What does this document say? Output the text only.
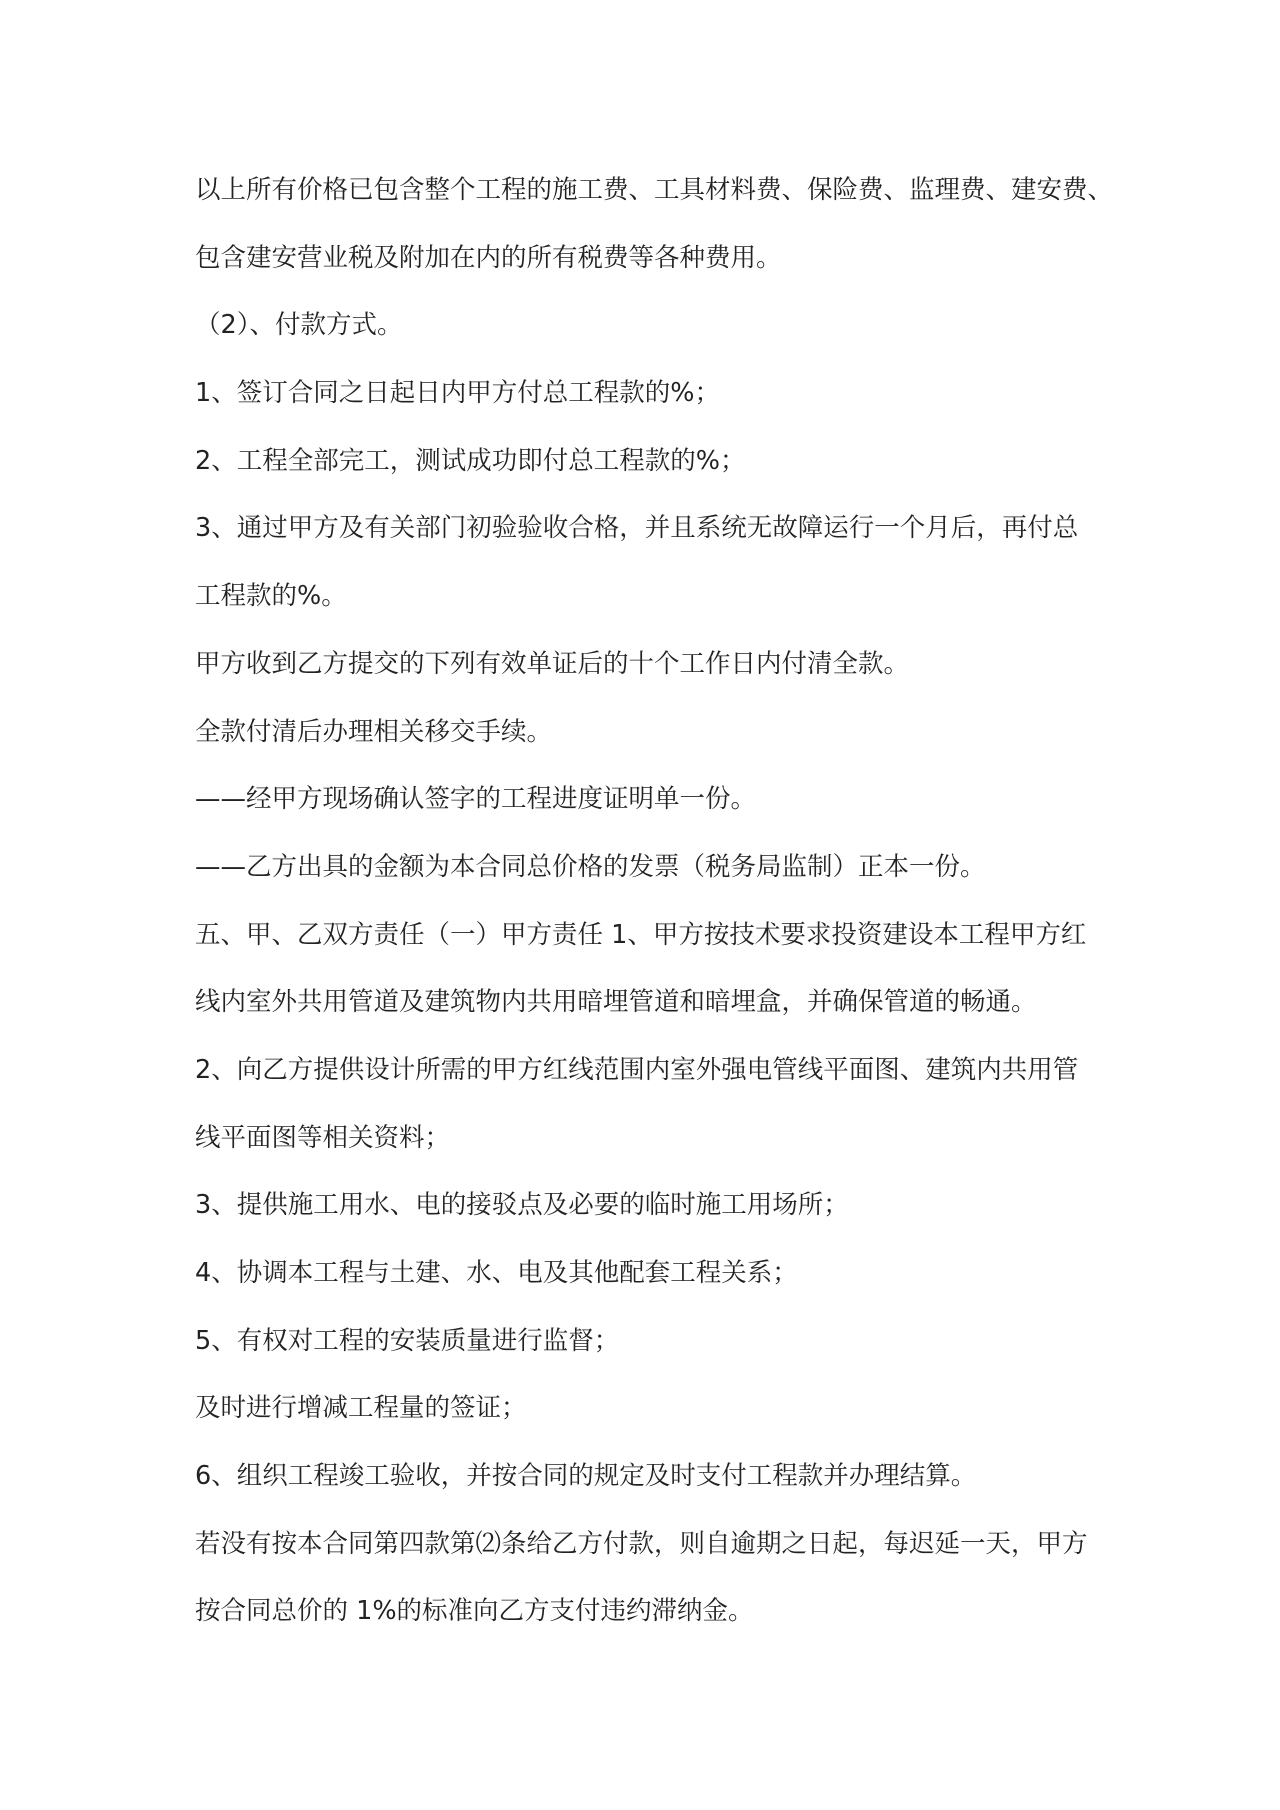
以上所有价格已包含整个工程的施工费、工具材料费、保险费、监理费、建安费、
包含建安营业税及附加在内的所有税费等各种费用。
（2）、付款方式。
1、签订合同之日起日内甲方付总工程款的%；
2、工程全部完工，测试成功即付总工程款的%；
3、通过甲方及有关部门初验验收合格，并且系统无故障运行一个月后，再付总
工程款的%。
甲方收到乙方提交的下列有效单证后的十个工作日内付清全款。
全款付清后办理相关移交手续。
——经甲方现场确认签字的工程进度证明单一份。
——乙方出具的金额为本合同总价格的发票（税务局监制）正本一份。
五、甲、乙双方责任（一）甲方责任 1、甲方按技术要求投资建设本工程甲方红
线内室外共用管道及建筑物内共用暗埋管道和暗埋盒，并确保管道的畅通。
2、向乙方提供设计所需的甲方红线范围内室外强电管线平面图、建筑内共用管
线平面图等相关资料；
3、提供施工用水、电的接驳点及必要的临时施工用场所；
4、协调本工程与土建、水、电及其他配套工程关系；
5、有权对工程的安装质量进行监督；
及时进行增减工程量的签证；
6、组织工程竣工验收，并按合同的规定及时支付工程款并办理结算。
若没有按本合同第四款第⑵条给乙方付款，则自逾期之日起，每迟延一天，甲方
按合同总价的 1%的标准向乙方支付违约滞纳金。
